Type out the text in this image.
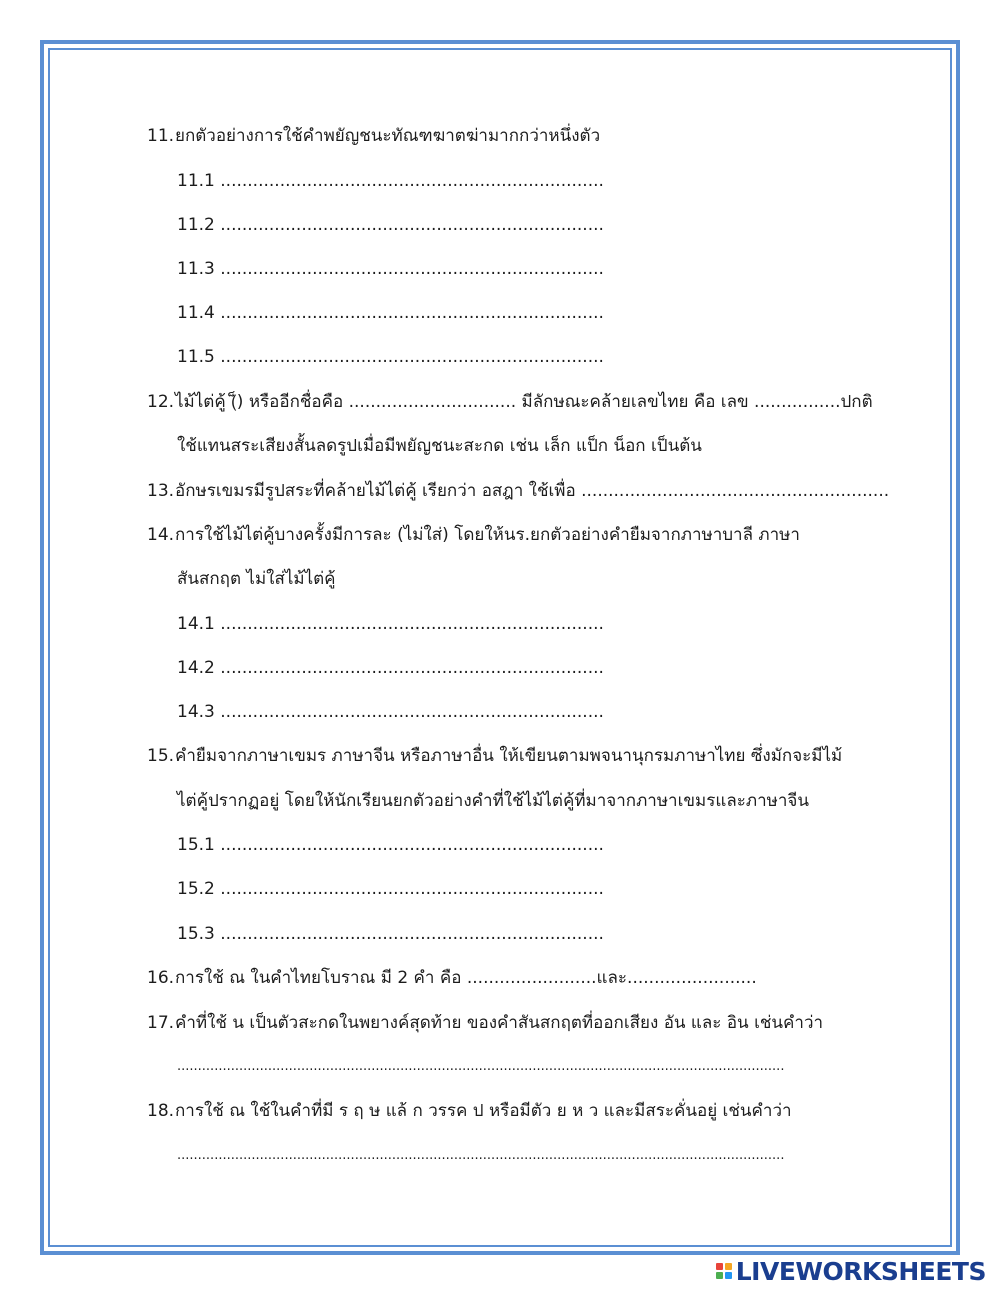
11.ยกตัวอย่างการใช้คำพยัญชนะทัณฑฆาตฆ่ามากกว่าหนึ่งตัว
11.1 .......................................................................
11.2 .......................................................................
11.3 .......................................................................
11.4 .......................................................................
11.5 .......................................................................
12.ไม้ไต่คู้ (็) หรืออีกชื่อคือ ............................... มีลักษณะคล้ายเลขไทย คือ เลข ................ปกติ
ใช้แทนสระเสียงสั้นลดรูปเมื่อมีพยัญชนะสะกด เช่น เล็ก แป็ก น็อก เป็นต้น
13.อักษรเขมรมีรูปสระที่คล้ายไม้ไต่คู้ เรียกว่า อสฎา ใช้เพื่อ .........................................................
14.การใช้ไม้ไต่คู้บางครั้งมีการละ (ไม่ใส่) โดยให้นร.ยกตัวอย่างคำยืมจากภาษาบาลี ภาษา
สันสกฤต ไม่ใส่ไม้ไต่คู้
14.1 .......................................................................
14.2 .......................................................................
14.3 .......................................................................
15.คำยืมจากภาษาเขมร ภาษาจีน หรือภาษาอื่น ให้เขียนตามพจนานุกรมภาษาไทย ซึ่งมักจะมีไม้
ไต่คู้ปรากฏอยู่ โดยให้นักเรียนยกตัวอย่างคำที่ใช้ไม้ไต่คู้ที่มาจากภาษาเขมรและภาษาจีน
15.1 .......................................................................
15.2 .......................................................................
15.3 .......................................................................
16.การใช้ ณ ในคำไทยโบราณ มี 2 คำ คือ ........................และ........................
17.คำที่ใช้ น เป็นตัวสะกดในพยางค์สุดท้าย ของคำสันสกฤตที่ออกเสียง อัน และ อิน เช่นคำว่า
...................................................................................................................................................
18.การใช้ ณ ใช้ในคำที่มี ร ฤ ษ แล้ ก วรรค ป หรือมีตัว ย ห ว และมีสระคั่นอยู่ เช่นคำว่า
...................................................................................................................................................
LIVEWORKSHEETS
